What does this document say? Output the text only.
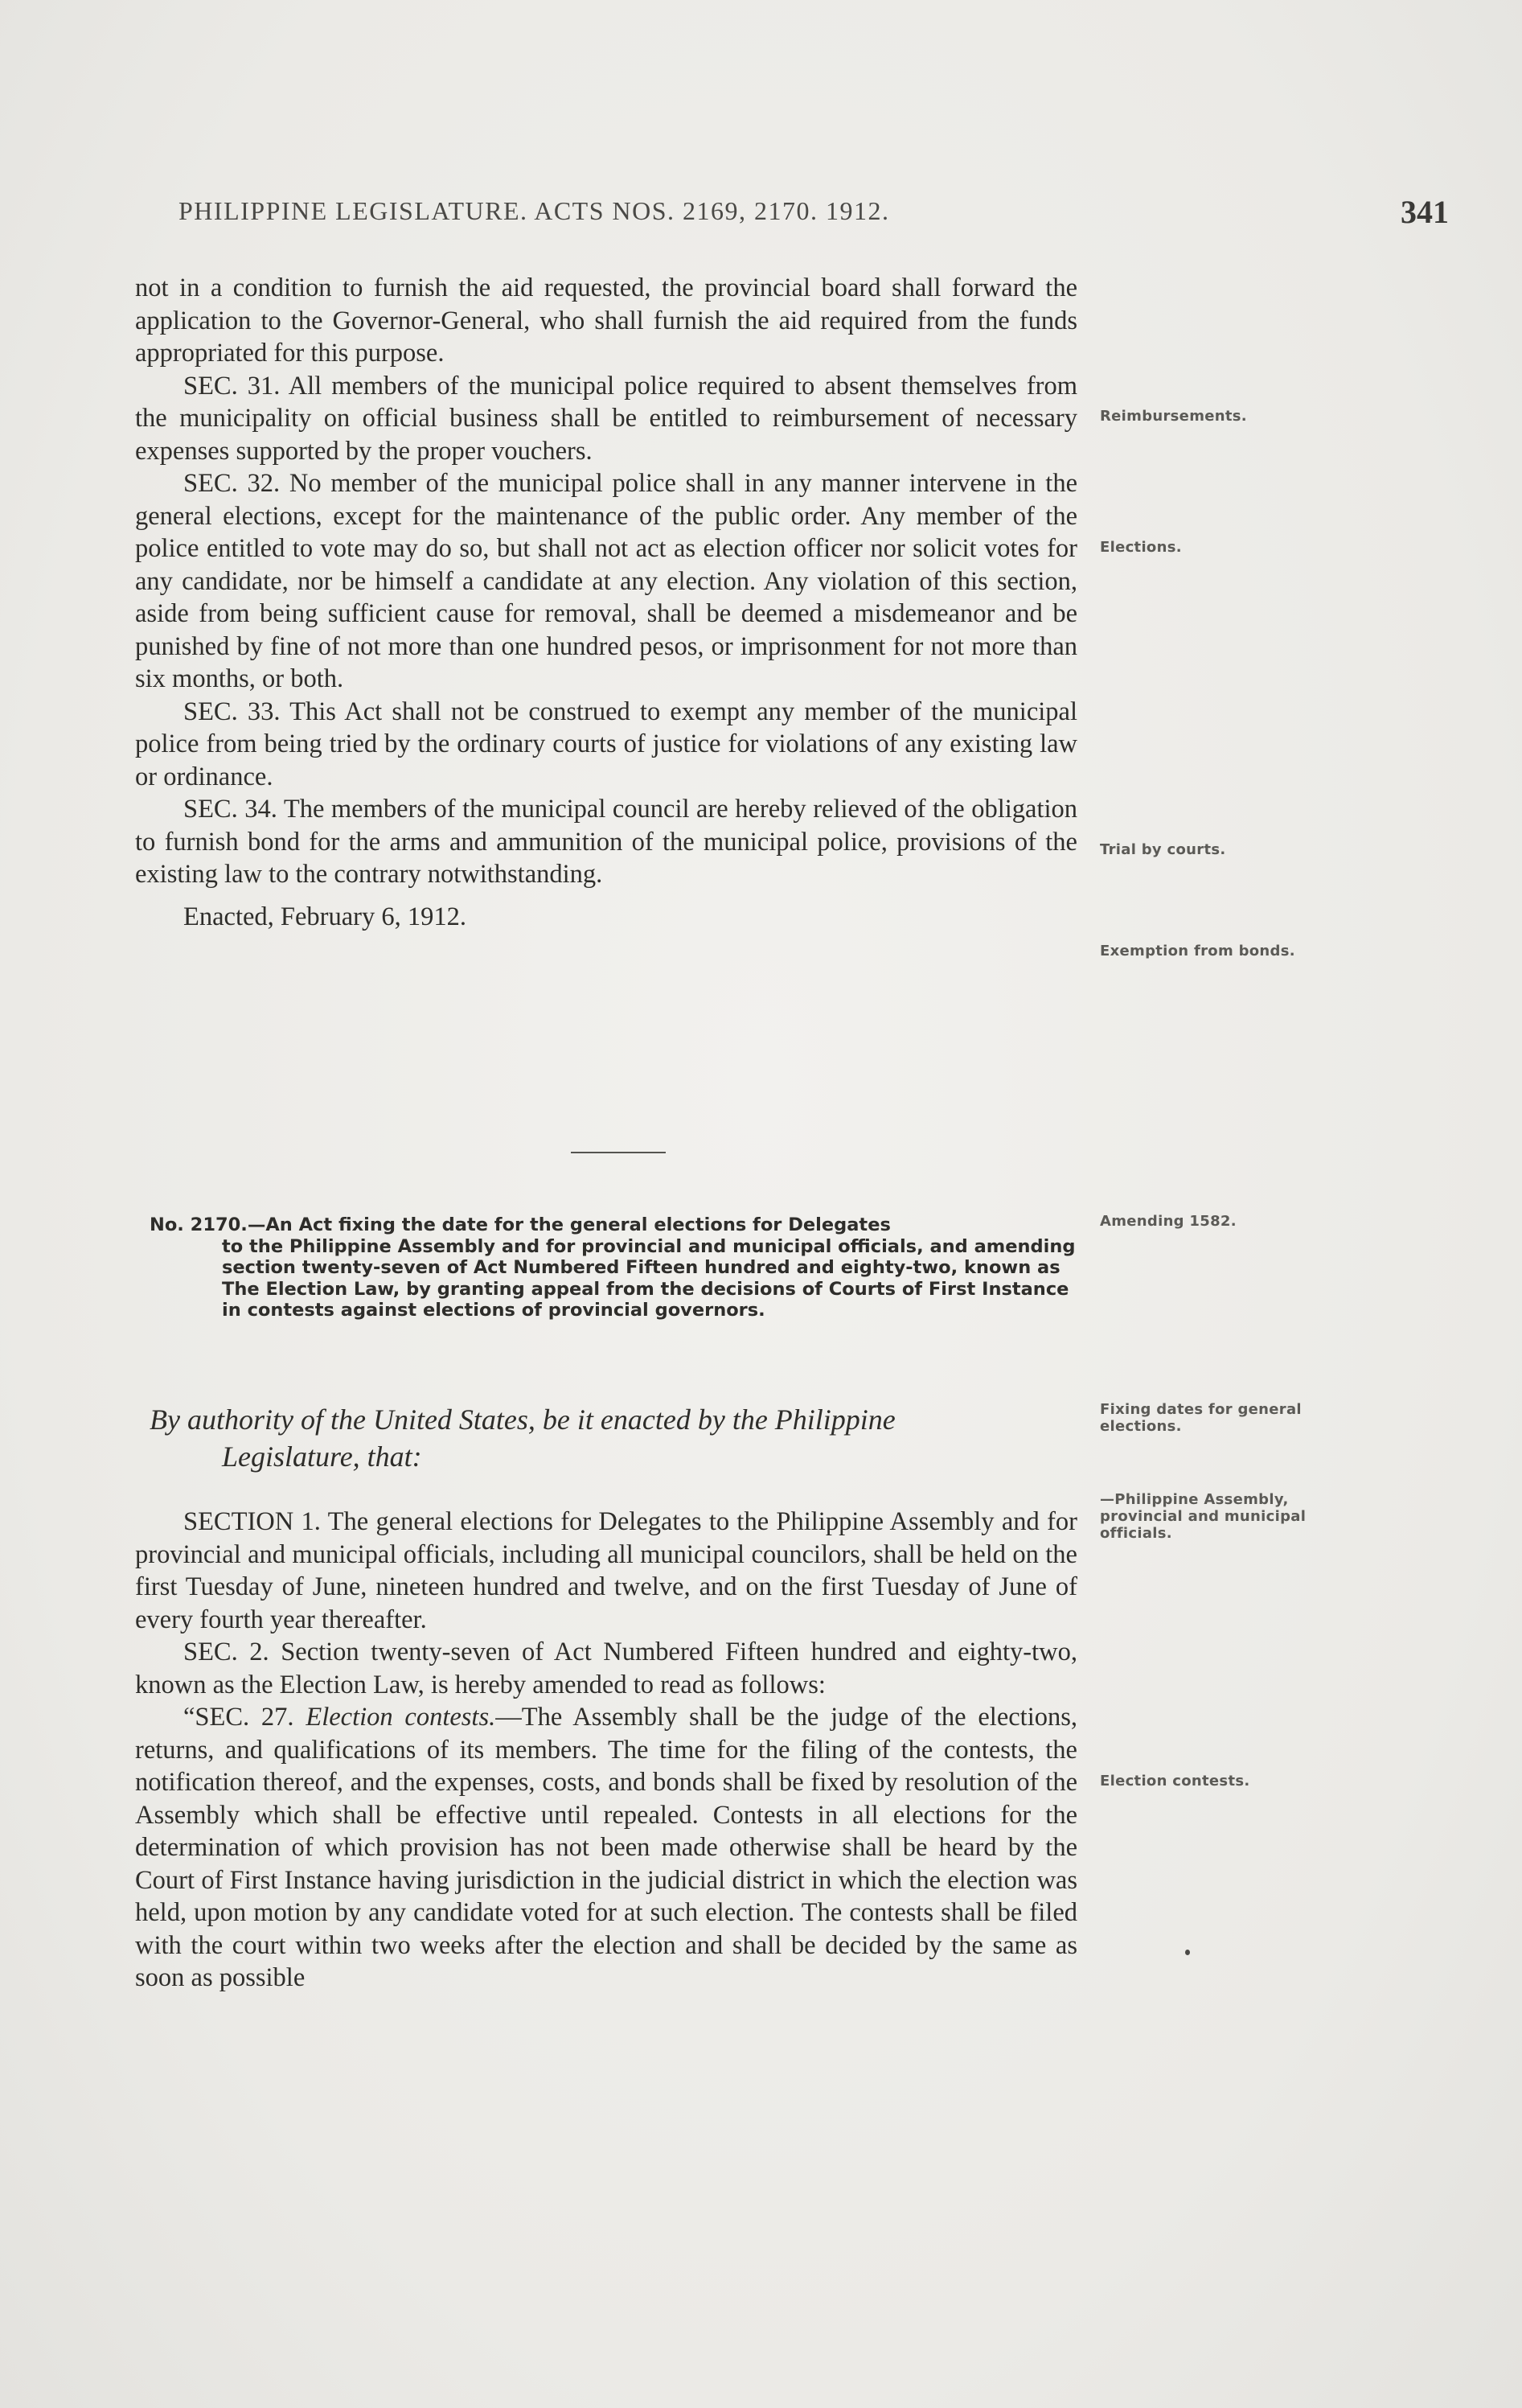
PHILIPPINE LEGISLATURE. ACTS NOS. 2169, 2170. 1912.	341

not in a condition to furnish the aid requested, the provincial board shall forward the application to the Governor-General, who shall furnish the aid required from the funds appropriated for this purpose.

SEC. 31. All members of the municipal police required to absent themselves from the municipality on official business shall be entitled to reimbursement of necessary expenses supported by the proper vouchers.

SEC. 32. No member of the municipal police shall in any manner intervene in the general elections, except for the maintenance of the public order. Any member of the police entitled to vote may do so, but shall not act as election officer nor solicit votes for any candidate, nor be himself a candidate at any election. Any violation of this section, aside from being sufficient cause for removal, shall be deemed a misdemeanor and be punished by fine of not more than one hundred pesos, or imprisonment for not more than six months, or both.

SEC. 33. This Act shall not be construed to exempt any member of the municipal police from being tried by the ordinary courts of justice for violations of any existing law or ordinance.

SEC. 34. The members of the municipal council are hereby relieved of the obligation to furnish bond for the arms and ammunition of the municipal police, provisions of the existing law to the contrary notwithstanding.

Enacted, February 6, 1912.

Reimbursements.
Elections.
Trial by courts.
Exemption from bonds.
Amending 1582.
Fixing dates for general elections.
—Philippine Assembly, provincial and municipal officials.
Election contests.
No. 2170.—An Act fixing the date for the general elections for Delegates
to the Philippine Assembly and for provincial and municipal officials, and amending section twenty-seven of Act Numbered Fifteen hundred and eighty-two, known as The Election Law, by granting appeal from the decisions of Courts of First Instance in contests against elections of provincial governors.
By authority of the United States, be it enacted by the Philippine
Legislature, that:

SECTION 1. The general elections for Delegates to the Philippine Assembly and for provincial and municipal officials, including all municipal councilors, shall be held on the first Tuesday of June, nineteen hundred and twelve, and on the first Tuesday of June of every fourth year thereafter.

SEC. 2. Section twenty-seven of Act Numbered Fifteen hundred and eighty-two, known as the Election Law, is hereby amended to read as follows:

“SEC. 27. Election contests.—The Assembly shall be the judge of the elections, returns, and qualifications of its members. The time for the filing of the contests, the notification thereof, and the expenses, costs, and bonds shall be fixed by resolution of the Assembly which shall be effective until repealed. Contests in all elections for the determination of which provision has not been made otherwise shall be heard by the Court of First Instance having jurisdiction in the judicial district in which the election was held, upon motion by any candidate voted for at such election. The contests shall be filed with the court within two weeks after the election and shall be decided by the same as soon as possible
